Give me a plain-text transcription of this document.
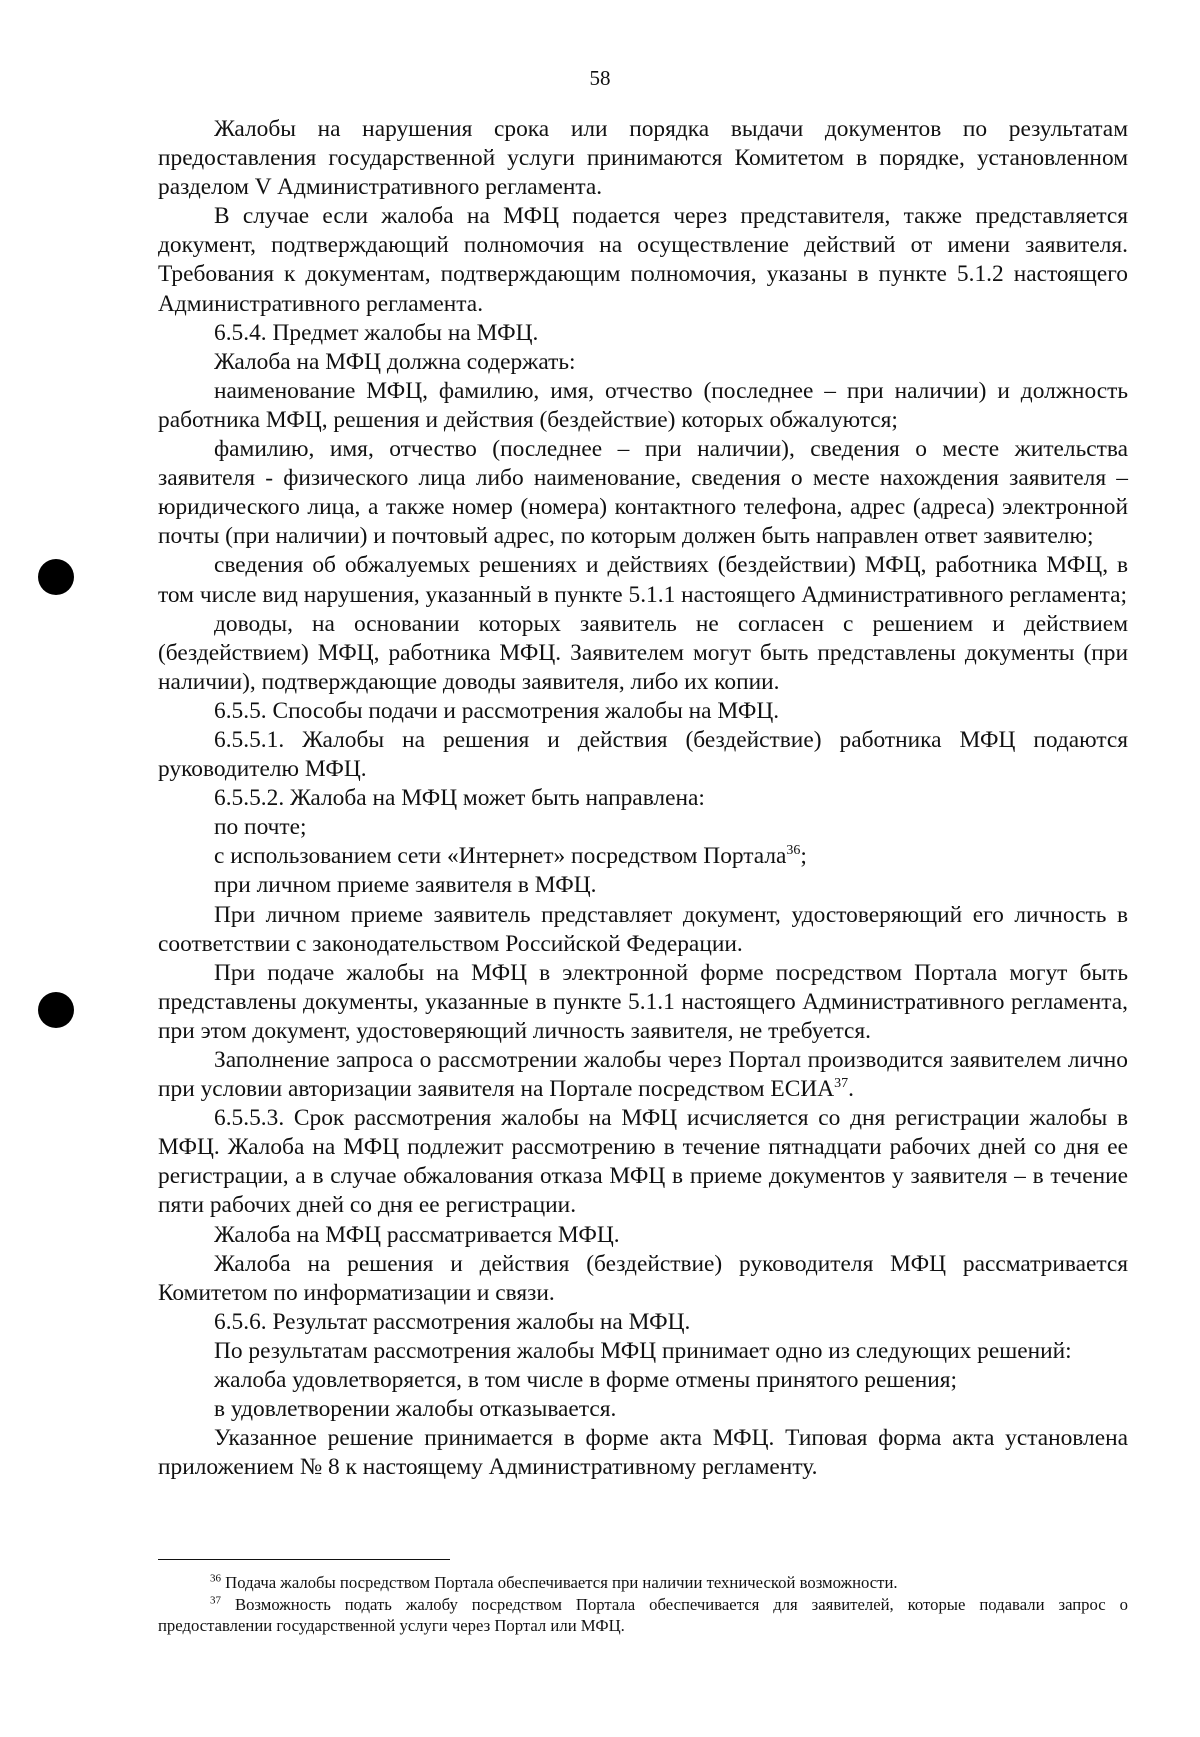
58

Жалобы на нарушения срока или порядка выдачи документов по результатам предоставления государственной услуги принимаются Комитетом в порядке, установленном разделом V Административного регламента.

В случае если жалоба на МФЦ подается через представителя, также представляется документ, подтверждающий полномочия на осуществление действий от имени заявителя. Требования к документам, подтверждающим полномочия, указаны в пункте 5.1.2 настоящего Административного регламента.

6.5.4. Предмет жалобы на МФЦ.

Жалоба на МФЦ должна содержать:

наименование МФЦ, фамилию, имя, отчество (последнее – при наличии) и должность работника МФЦ, решения и действия (бездействие) которых обжалуются;

фамилию, имя, отчество (последнее – при наличии), сведения о месте жительства заявителя - физического лица либо наименование, сведения о месте нахождения заявителя – юридического лица, а также номер (номера) контактного телефона, адрес (адреса) электронной почты (при наличии) и почтовый адрес, по которым должен быть направлен ответ заявителю;

сведения об обжалуемых решениях и действиях (бездействии) МФЦ, работника МФЦ, в том числе вид нарушения, указанный в пункте 5.1.1 настоящего Административного регламента;

доводы, на основании которых заявитель не согласен с решением и действием (бездействием) МФЦ, работника МФЦ. Заявителем могут быть представлены документы (при наличии), подтверждающие доводы заявителя, либо их копии.

6.5.5. Способы подачи и рассмотрения жалобы на МФЦ.

6.5.5.1. Жалобы на решения и действия (бездействие) работника МФЦ подаются руководителю МФЦ.

6.5.5.2. Жалоба на МФЦ может быть направлена:

по почте;

с использованием сети «Интернет» посредством Портала$^{36}$;

при личном приеме заявителя в МФЦ.

При личном приеме заявитель представляет документ, удостоверяющий его личность в соответствии с законодательством Российской Федерации.

При подаче жалобы на МФЦ в электронной форме посредством Портала могут быть представлены документы, указанные в пункте 5.1.1 настоящего Административного регламента, при этом документ, удостоверяющий личность заявителя, не требуется.

Заполнение запроса о рассмотрении жалобы через Портал производится заявителем лично при условии авторизации заявителя на Портале посредством ЕСИА$^{37}$.

6.5.5.3. Срок рассмотрения жалобы на МФЦ исчисляется со дня регистрации жалобы в МФЦ. Жалоба на МФЦ подлежит рассмотрению в течение пятнадцати рабочих дней со дня ее регистрации, а в случае обжалования отказа МФЦ в приеме документов у заявителя – в течение пяти рабочих дней со дня ее регистрации.

Жалоба на МФЦ рассматривается МФЦ.

Жалоба на решения и действия (бездействие) руководителя МФЦ рассматривается Комитетом по информатизации и связи.

6.5.6. Результат рассмотрения жалобы на МФЦ.

По результатам рассмотрения жалобы МФЦ принимает одно из следующих решений:

жалоба удовлетворяется, в том числе в форме отмены принятого решения;

в удовлетворении жалобы отказывается.

Указанное решение принимается в форме акта МФЦ. Типовая форма акта установлена приложением № 8 к настоящему Административному регламенту.

$^{36}$ Подача жалобы посредством Портала обеспечивается при наличии технической возможности.

$^{37}$ Возможность подать жалобу посредством Портала обеспечивается для заявителей, которые подавали запрос о предоставлении государственной услуги через Портал или МФЦ.
